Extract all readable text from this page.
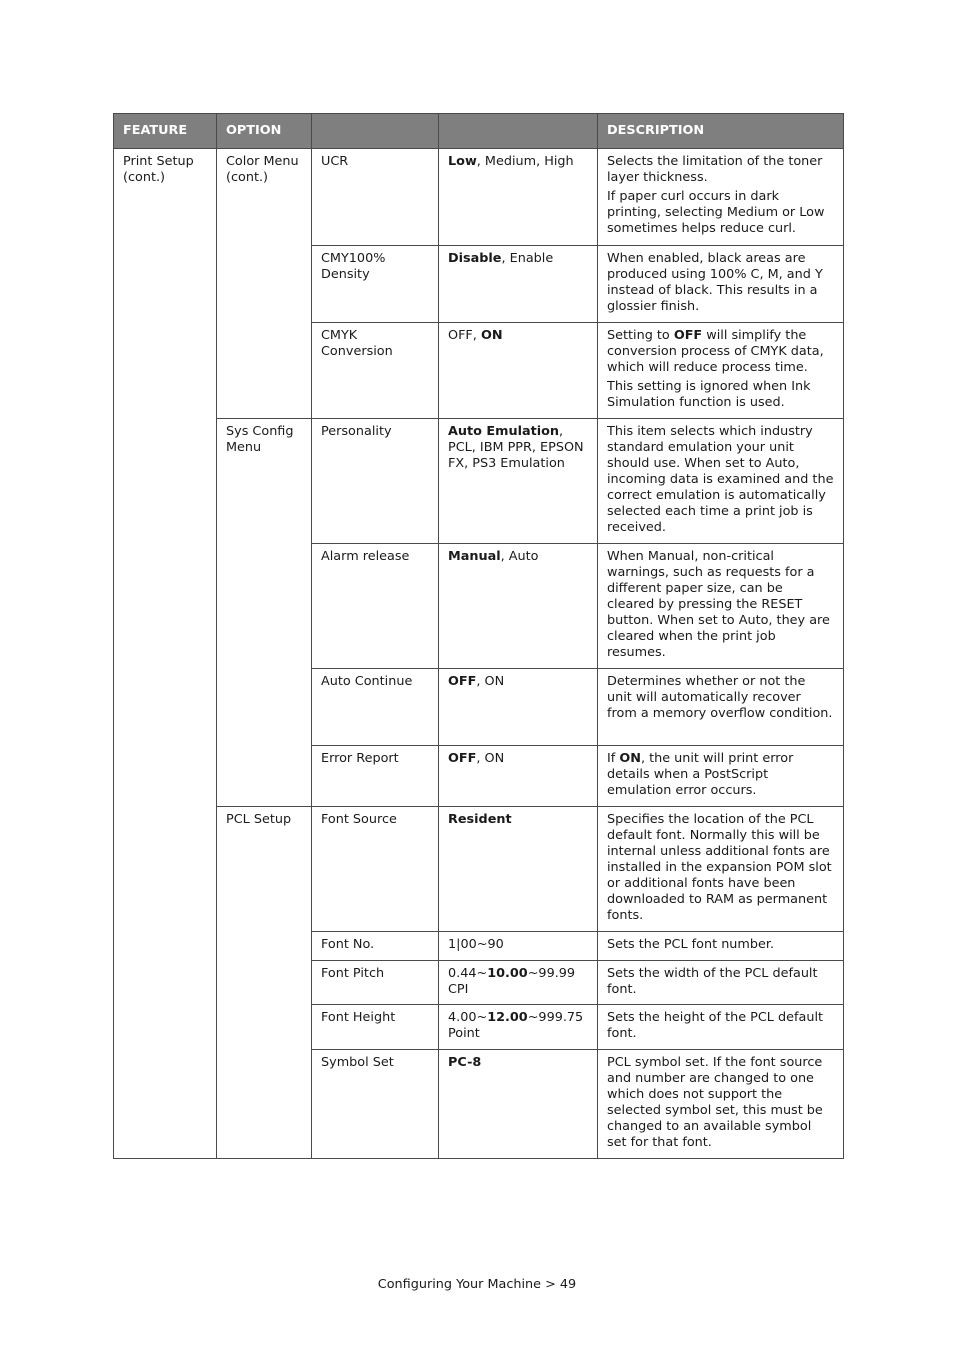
FEATURE	OPTION			DESCRIPTION
Print Setup (cont.)	Color Menu (cont.)	UCR	Low, Medium, High	Selects the limitation of the toner layer thickness.

If paper curl occurs in dark printing, selecting Medium or Low sometimes helps reduce curl.

		CMY100% Density	Disable, Enable	When enabled, black areas are produced using 100% C, M, and Y instead of black. This results in a glossier finish.

		CMYK Conversion	OFF, ON	Setting to OFF will simplify the conversion process of CMYK data, which will reduce process time.

This setting is ignored when Ink Simulation function is used.

	Sys Config Menu	Personality	Auto Emulation, PCL, IBM PPR, EPSON FX, PS3 Emulation	This item selects which industry standard emulation your unit should use. When set to Auto, incoming data is examined and the correct emulation is automatically selected each time a print job is received.

		Alarm release	Manual, Auto	When Manual, non-critical warnings, such as requests for a different paper size, can be cleared by pressing the RESET button. When set to Auto, they are cleared when the print job resumes.

		Auto Continue	OFF, ON	Determines whether or not the unit will automatically recover from a memory overflow condition.

		Error Report	OFF, ON	If ON, the unit will print error details when a PostScript emulation error occurs.

	PCL Setup	Font Source	Resident	Specifies the location of the PCL default font. Normally this will be internal unless additional fonts are installed in the expansion POM slot or additional fonts have been downloaded to RAM as permanent fonts.

		Font No.	1|00~90	Sets the PCL font number.

		Font Pitch	0.44~10.00~99.99 CPI	Sets the width of the PCL default font.

		Font Height	4.00~12.00~999.75 Point	Sets the height of the PCL default font.

		Symbol Set	PC-8	PCL symbol set. If the font source and number are changed to one which does not support the selected symbol set, this must be changed to an available symbol set for that font.

Configuring Your Machine > 49
